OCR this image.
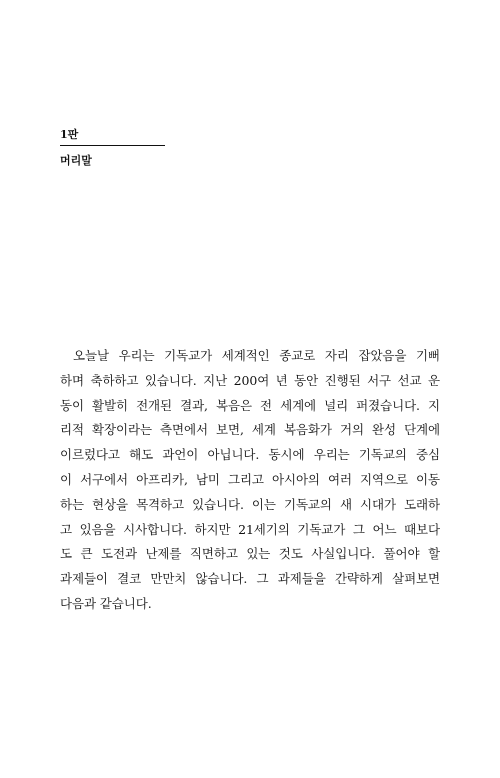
1판
머리말
오늘날 우리는 기독교가 세계적인 종교로 자리 잡았음을 기뻐
하며 축하하고 있습니다. 지난 200여 년 동안 진행된 서구 선교 운
동이 활발히 전개된 결과, 복음은 전 세계에 널리 퍼졌습니다. 지
리적 확장이라는 측면에서 보면, 세계 복음화가 거의 완성 단계에
이르렀다고 해도 과언이 아닙니다. 동시에 우리는 기독교의 중심
이 서구에서 아프리카, 남미 그리고 아시아의 여러 지역으로 이동
하는 현상을 목격하고 있습니다. 이는 기독교의 새 시대가 도래하
고 있음을 시사합니다. 하지만 21세기의 기독교가 그 어느 때보다
도 큰 도전과 난제를 직면하고 있는 것도 사실입니다. 풀어야 할
과제들이 결코 만만치 않습니다. 그 과제들을 간략하게 살펴보면
다음과 같습니다.
